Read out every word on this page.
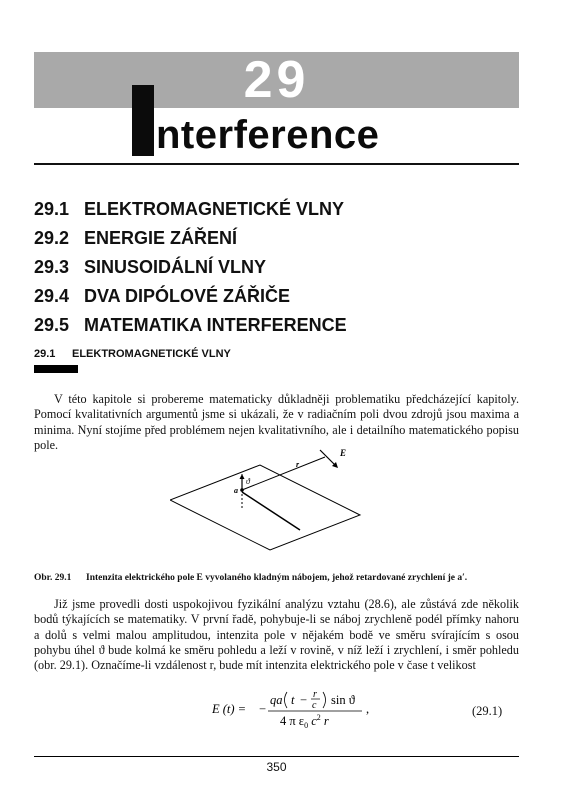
29
nterference
29.1 ELEKTROMAGNETICKÉ VLNY
29.2 ENERGIE ZÁŘENÍ
29.3 SINUSOIDÁLNÍ VLNY
29.4 DVA DIPÓLOVÉ ZÁŘIČE
29.5 MATEMATIKA INTERFERENCE
29.1 ELEKTROMAGNETICKÉ VLNY
V této kapitole si probereme matematicky důkladněji problematiku předcházející kapitoly. Pomocí kvalitativních argumentů jsme si ukázali, že v radiačním poli dvou zdrojů jsou maxima a minima. Nyní stojíme před problémem nejen kvalitativního, ale i detailního matematického popisu pole.
a
ϑ
r
E
Obr. 29.1 Intenzita elektrického pole E vyvolaného kladným nábojem, jehož retardované zrychlení je a′.
Již jsme provedli dosti uspokojivou fyzikální analýzu vztahu (28.6), ale zůstává zde několik bodů týkajících se matematiky. V první řadě, pohybuje-li se náboj zrychleně podél přímky nahoru a dolů s velmi malou amplitudou, intenzita pole v nějakém bodě ve směru svírajícím s osou pohybu úhel ϑ bude kolmá ke směru pohledu a leží v rovině, v níž leží i zrychlení, i směr pohledu (obr. 29.1). Označíme-li vzdálenost r, bude mít intenzita elektrického pole v čase t velikost
E (t) = −
qa t − r
c sin ϑ
4 π $\varepsilon_0$ $c^2$ r
,	(29.1)
350
